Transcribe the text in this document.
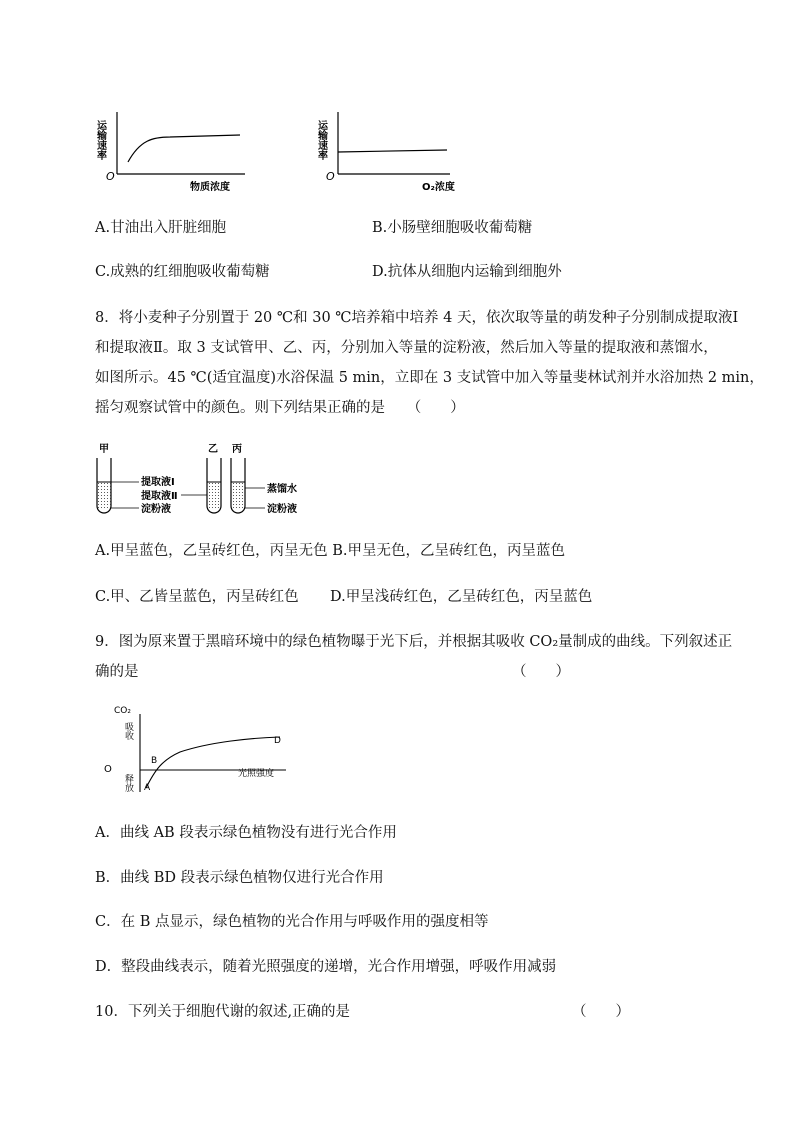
O
运输速率
物质浓度
O
运输速率
O₂浓度
A.甘油出入肝脏细胞	B.小肠壁细胞吸收葡萄糖
C.成熟的红细胞吸收葡萄糖	D.抗体从细胞内运输到细胞外
8．将小麦种子分别置于 20 ℃和 30 ℃培养箱中培养 4 天，依次取等量的萌发种子分别制成提取液Ⅰ
和提取液Ⅱ。取 3 支试管甲、乙、丙，分别加入等量的淀粉液，然后加入等量的提取液和蒸馏水，
如图所示。45 ℃(适宜温度)水浴保温 5 min，立即在 3 支试管中加入等量斐林试剂并水浴加热 2 min，
摇匀观察试管中的颜色。则下列结果正确的是　　（　　）
甲	乙 丙
提取液Ⅰ
提取液Ⅱ
淀粉液
蒸馏水
淀粉液
A.甲呈蓝色，乙呈砖红色，丙呈无色 B.甲呈无色，乙呈砖红色，丙呈蓝色
C.甲、乙皆呈蓝色，丙呈砖红色 D.甲呈浅砖红色，乙呈砖红色，丙呈蓝色
9．图为原来置于黑暗环境中的绿色植物曝于光下后，并根据其吸收 CO₂量制成的曲线。下列叙述正
确的是	（　　）
CO₂
吸收
释放
O	光照强度
A
B
D
A．曲线 AB 段表示绿色植物没有进行光合作用
B．曲线 BD 段表示绿色植物仅进行光合作用
C．在 B 点显示，绿色植物的光合作用与呼吸作用的强度相等
D．整段曲线表示，随着光照强度的递增，光合作用增强，呼吸作用减弱
10．下列关于细胞代谢的叙述,正确的是	（　　）
